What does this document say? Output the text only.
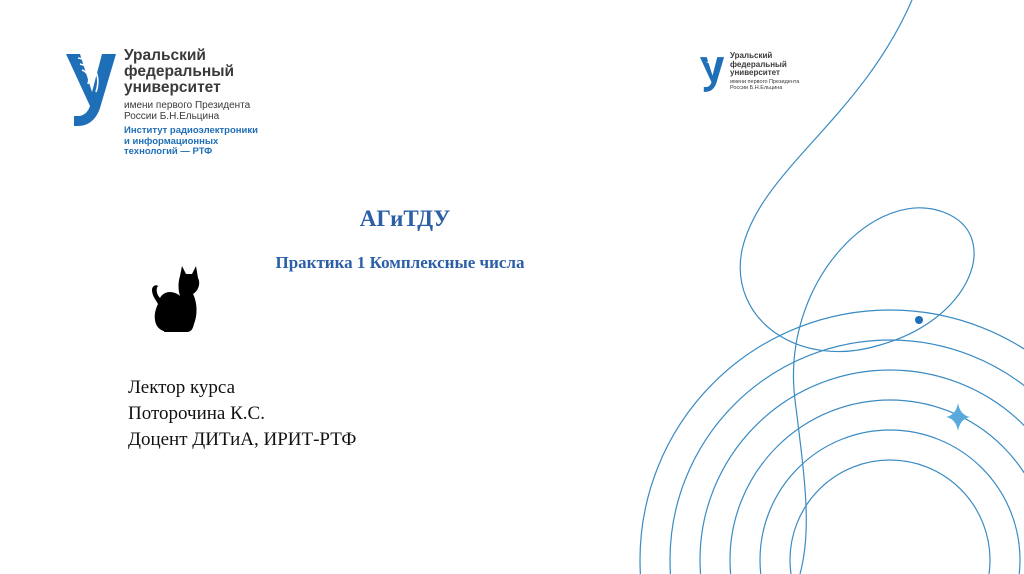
Уральский
федеральный
университет
имени первого Президента
России Б.Н.Ельцина
Институт радиоэлектроники
и информационных
технологий — РТФ
Уральский
федеральный
университет
имени первого Президента
России Б.Н.Ельцина
АГиТДУ
Практика 1 Комплексные числа
Лектор курса
Поторочина К.С.
Доцент ДИТиА, ИРИТ-РТФ
